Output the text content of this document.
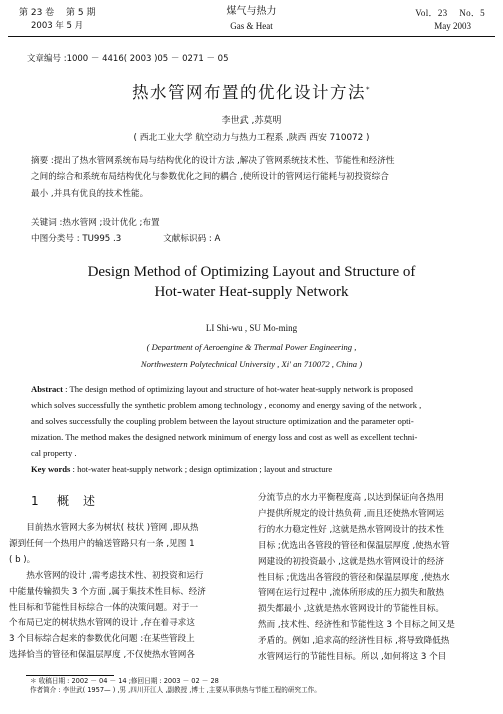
第 23 卷 　第 5 期
2003 年 5 月
煤气与热力
Gas & Heat
Vol．23 　No．5
May 2003
文章编号 :1000 － 4416( 2003 )05 － 0271 － 05
热水管网布置的优化设计方法*
李世武 ,苏莫明
( 西北工业大学 航空动力与热力工程系 ,陕西 西安 710072 )
摘要 :提出了热水管网系统布局与结构优化的设计方法 ,解决了管网系统技术性、节能性和经济性
之间的综合和系统布局结构优化与参数优化之间的耦合 ,使所设计的管网运行能耗与初投资综合
最小 ,并具有优良的技术性能。
关键词 :热水管网 ;设计优化 ;布置
中图分类号 : TU995 .3	文献标识码 : A
Design Method of Optimizing Layout and Structure of
Hot-water Heat-supply Network
LI Shi-wu , SU Mo-ming
( Department of Aeroengine & Thermal Power Engineering ,
Northwestern Polytechnical University , Xi' an 710072 , China )
Abstract : The design method of optimizing layout and structure of hot-water heat-supply network is proposed
which solves successfully the synthetic problem among technology , economy and energy saving of the network ,
and solves successfully the coupling problem between the layout structure optimization and the parameter opti-
mization. The method makes the designed network minimum of energy loss and cost as well as excellent techni-
cal property .
Key words : hot-water heat-supply network ; design optimization ; layout and structure
1 概述
　　目前热水管网大多为树状( 枝状 )管网 ,即从热
源到任何一个热用户的输送管路只有一条 ,见图 1
( b )。
　　热水管网的设计 ,需考虑技术性、初投资和运行
中能量传输损失 3 个方面 ,属于集技术性目标、经济
性目标和节能性目标综合一体的决策问题。对于一
个布局已定的树状热水管网的设计 ,存在着寻求这
3 个目标综合起来的参数优化问题 :在某些管段上
选择恰当的管径和保温层厚度 ,不仅使热水管网各
分流节点的水力平衡程度高 ,以达到保证向各热用
户提供所规定的设计热负荷 ,而且还使热水管网运
行的水力稳定性好 ,这就是热水管网设计的技术性
目标 ;优选出各管段的管径和保温层厚度 ,使热水管
网建设的初投资最小 ,这就是热水管网设计的经济
性目标 ;优选出各管段的管径和保温层厚度 ,使热水
管网在运行过程中 ,流体所形成的压力损失和散热
损失都最小 ,这就是热水管网设计的节能性目标。
然而 ,技术性、经济性和节能性这 3 个目标之间又是
矛盾的。例如 ,追求高的经济性目标 ,将导致降低热
水管网运行的节能性目标。所以 ,如何将这 3 个目
＊ 收稿日期 : 2002 － 04 － 14 ;修回日期 : 2003 － 02 － 28
作者简介 : 李世武( 1957— ) ,男 ,四川开江人 ,副教授 ,博士 ,主要从事供热与节能工程的研究工作。
